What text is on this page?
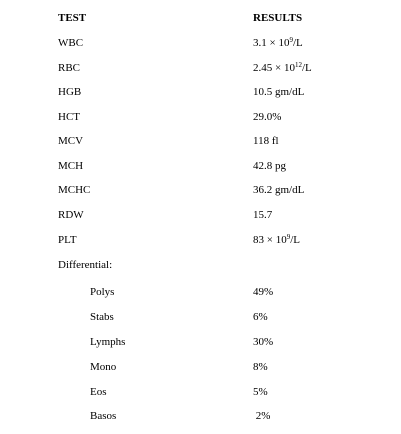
TEST	RESULTS
WBC	$3.1 \times 10^9/L$
RBC	$2.45 \times 10^{12}/L$
HGB	10.5 gm/dL
HCT	29.0%
MCV	118 fl
MCH	42.8 pg
MCHC	36.2 gm/dL
RDW	15.7
PLT	$83 \times 10^9/L$
Differential:
Polys	49%
Stabs	6%
Lymphs	30%
Mono	8%
Eos	5%
Basos	2%
